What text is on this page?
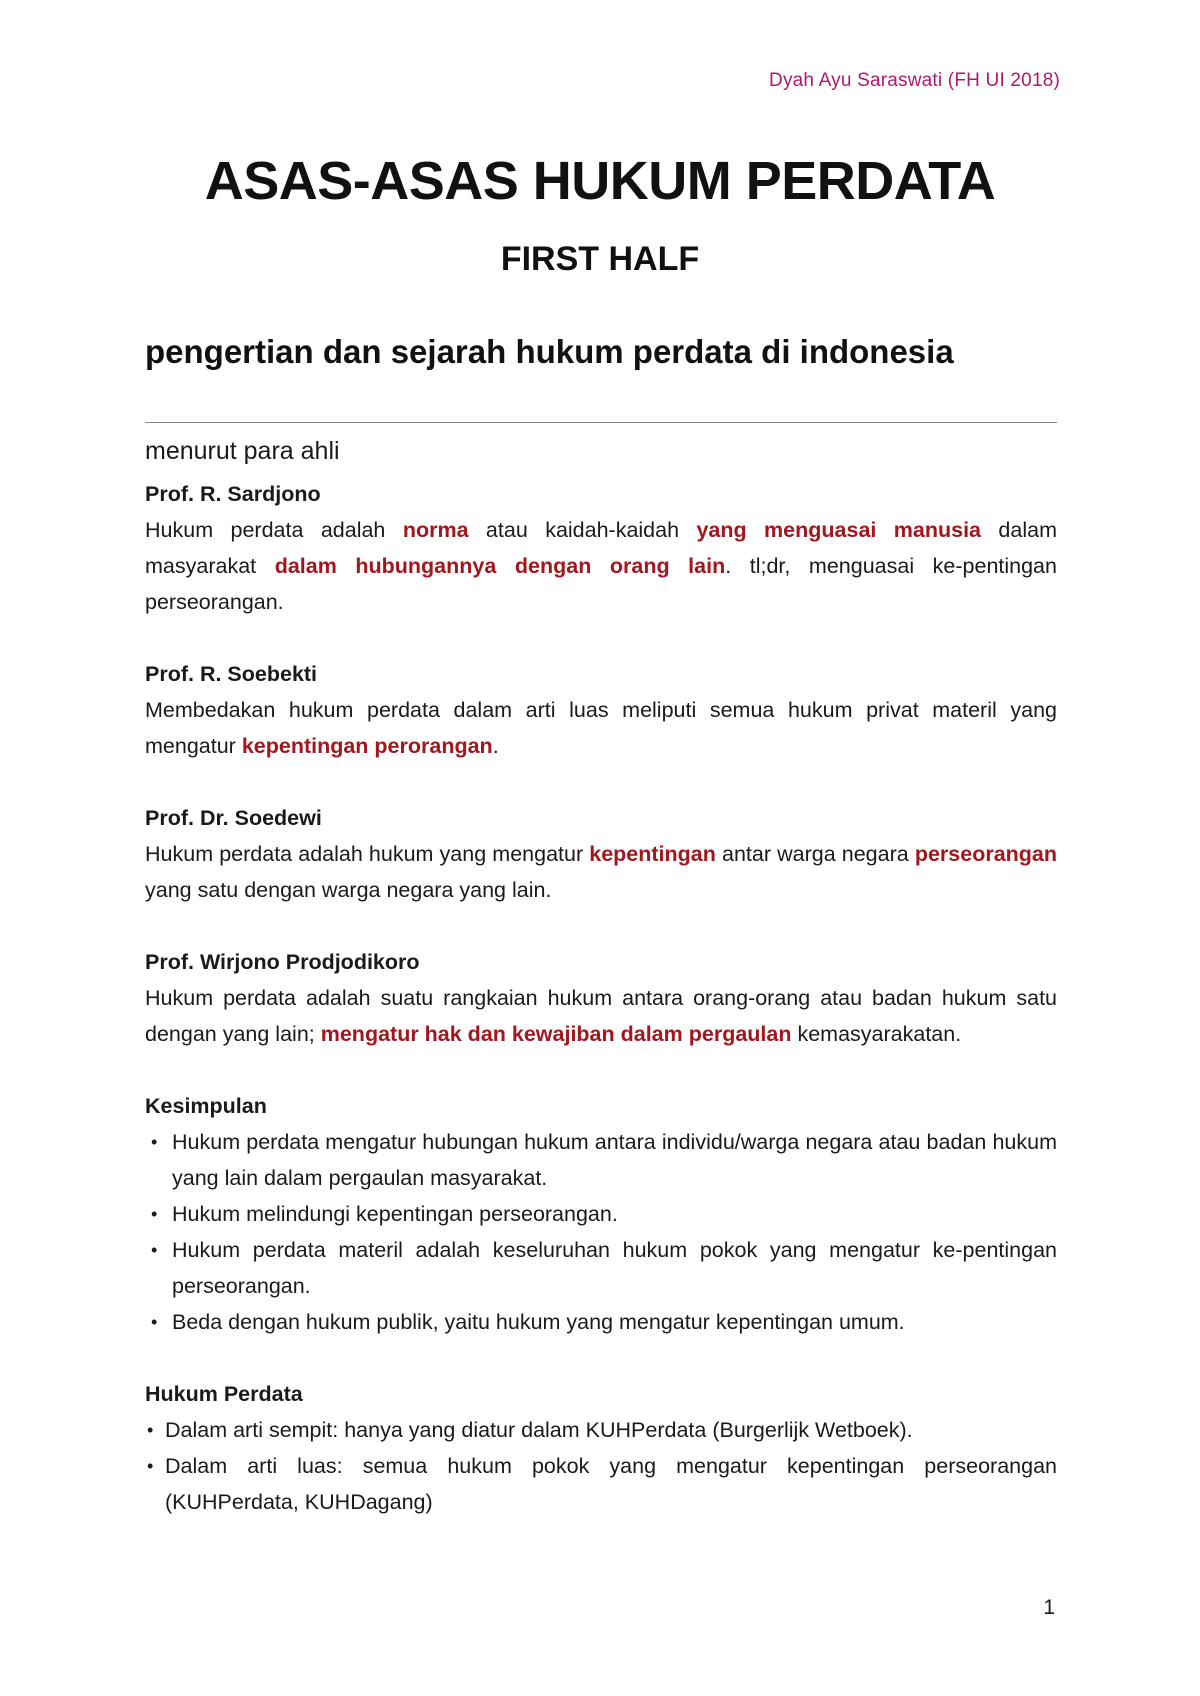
Dyah Ayu Saraswati (FH UI 2018)
ASAS-ASAS HUKUM PERDATA
FIRST HALF
pengertian dan sejarah hukum perdata di indonesia

menurut para ahli

Prof. R. Sardjono

Hukum perdata adalah norma atau kaidah-kaidah yang menguasai manusia dalam masyarakat dalam hubungannya dengan orang lain. tl;dr, menguasai ke-pentingan perseorangan.

Prof. R. Soebekti

Membedakan hukum perdata dalam arti luas meliputi semua hukum privat materil yang mengatur kepentingan perorangan.

Prof. Dr. Soedewi

Hukum perdata adalah hukum yang mengatur kepentingan antar warga negara perseorangan yang satu dengan warga negara yang lain.

Prof. Wirjono Prodjodikoro

Hukum perdata adalah suatu rangkaian hukum antara orang-orang atau badan hukum satu dengan yang lain; mengatur hak dan kewajiban dalam pergaulan kemasyarakatan.

Kesimpulan

• Hukum perdata mengatur hubungan hukum antara individu/warga negara atau badan hukum yang lain dalam pergaulan masyarakat.
• Hukum melindungi kepentingan perseorangan.
• Hukum perdata materil adalah keseluruhan hukum pokok yang mengatur ke-pentingan perseorangan.
• Beda dengan hukum publik, yaitu hukum yang mengatur kepentingan umum.

Hukum Perdata

• Dalam arti sempit: hanya yang diatur dalam KUHPerdata (Burgerlijk Wetboek).
• Dalam arti luas: semua hukum pokok yang mengatur kepentingan perseorangan (KUHPerdata, KUHDagang)
1
